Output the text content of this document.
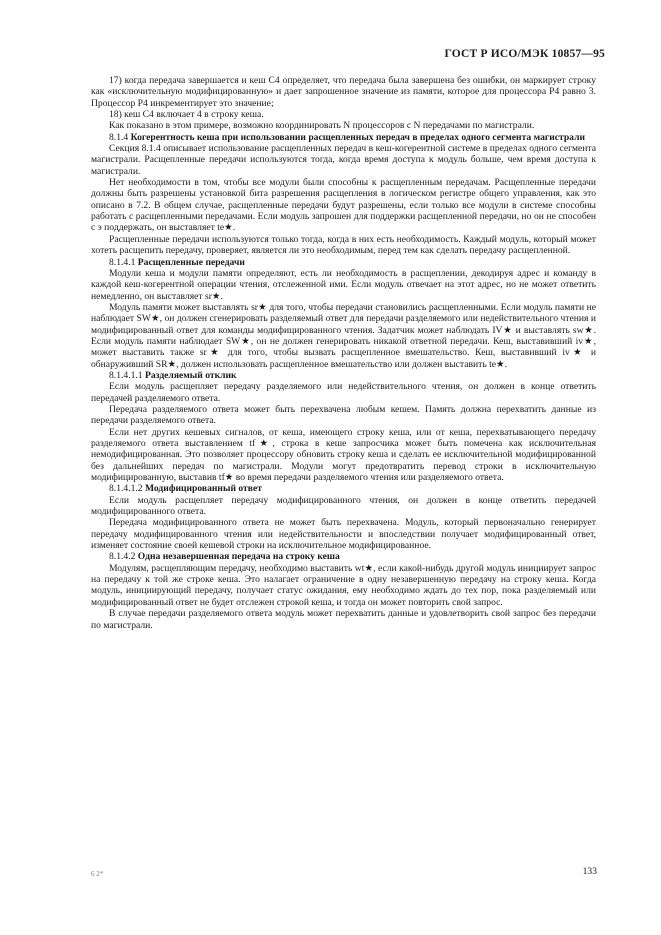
ГОСТ Р ИСО/МЭК 10857—95

17) когда передача завершается и кеш С4 определяет, что передача была завершена без ошибки, он маркирует строку как «исключительную модифицированную» и дает запрошенное значение из памяти, которое для процессора Р4 равно 3. Процессор Р4 инкрементирует это значение;

18) кеш С4 включает 4 в строку кеша.

Как показано в этом примере, возможно координировать N процессоров с N передачами по магистрали.

8.1.4 Когерентность кеша при использовании расщепленных передач в пределах одного сегмента магистрали

Секция 8.1.4 описывает использование расщепленных передач в кеш-когерентной системе в пределах одного сегмента магистрали. Расщепленные передачи используются тогда, когда время доступа к модуль больше, чем время доступа к магистрали.

Нет необходимости в том, чтобы все модули были способны к расщепленным передачам. Расщепленные передачи должны быть разрешены установкой бита разрешения расщепления в логическом регистре общего управления, как это описано в 7.2. В общем случае, расщепленные передачи будут разрешены, если только все модули в системе способны работать с расщепленными передачами. Если модуль запрошен для поддержки расщепленной передачи, но он не способен с э поддержать, он выставляет te★.

Расщепленные передачи используются только тогда, когда в них есть необходимость. Каждый модуль, который может хотеть расщепить передачу, проверяет, является ли это необходимым, перед тем как сделать передачу расщепленной.

8.1.4.1 Расщепленные передачи

Модули кеша и модули памяти определяют, есть ли необходимость в расщеплении, декодируя адрес и команду в каждой кеш-когерентной операции чтения, отслеженной ими. Если модуль отвечает на этот адрес, но не может ответить немедленно, он выставляет sr★.

Модуль памяти может выставлять sr★ для того, чтобы передачи становились расщепленными. Если модуль памяти не наблюдает SW★, он должен сгенерировать разделяемый ответ для передачи разделяемого или недействительного чтения и модифицированный ответ для команды модифицированного чтения. Задатчик может наблюдать IV★ и выставлять sw★. Если модуль памяти наблюдает SW★, он не должен генерировать никакой ответной передачи. Кеш, выставивший iv★, может выставить также sr★ для того, чтобы вызвать расщепленное вмешательство. Кеш, выставивший iv★ и обнаруживший SR★, должен использовать расщепленное вмешательство или должен выставить te★.

8.1.4.1.1 Разделяемый отклик

Если модуль расщепляет передачу разделяемого или недействительного чтения, он должен в конце ответить передачей разделяемого ответа.

Передача разделяемого ответа может быть перехвачена любым кешем. Память должна перехватить данные из передачи разделяемого ответа.

Если нет других кешевых сигналов, от кеша, имеющего строку кеша, или от кеша, перехватывающего передачу разделяемого ответа выставлением tf★, строка в кеше запросчика может быть помечена как исключительная немодифицированная. Это позволяет процессору обновить строку кеша и сделать ее исключительной модифицированной без дальнейших передач по магистрали. Модули могут предотвратить перевод строки в исключительную модифицированную, выставив tf★ во время передачи разделяемого чтения или разделяемого ответа.

8.1.4.1.2 Модифицированный ответ

Если модуль расщепляет передачу модифицированного чтения, он должен в конце ответить передачей модифицированного ответа.

Передача модифицированного ответа не может быть перехвачена. Модуль, который первоначально генерирует передачу модифицированного чтения или недействительности и впоследствии получает модифицированный ответ, изменяет состояние своей кешевой строки на исключительное модифицированное.

8.1.4.2 Одна незавершенная передача на строку кеша

Модулям, расщепляющим передачу, необходимо выставить wt★, если какой-нибудь другой модуль инициирует запрос на передачу к той же строке кеша. Это налагает ограничение в одну незавершенную передачу на строку кеша. Когда модуль, инициирующий передачу, получает статус ожидания, ему необходимо ждать до тех пор, пока разделяемый или модифицированный ответ не будет отслежен строкой кеша, и тогда он может повторить свой запрос.

В случае передачи разделяемого ответа модуль может перехватить данные и удовлетворить свой запрос без передачи по магистрали.

6 2*	133
